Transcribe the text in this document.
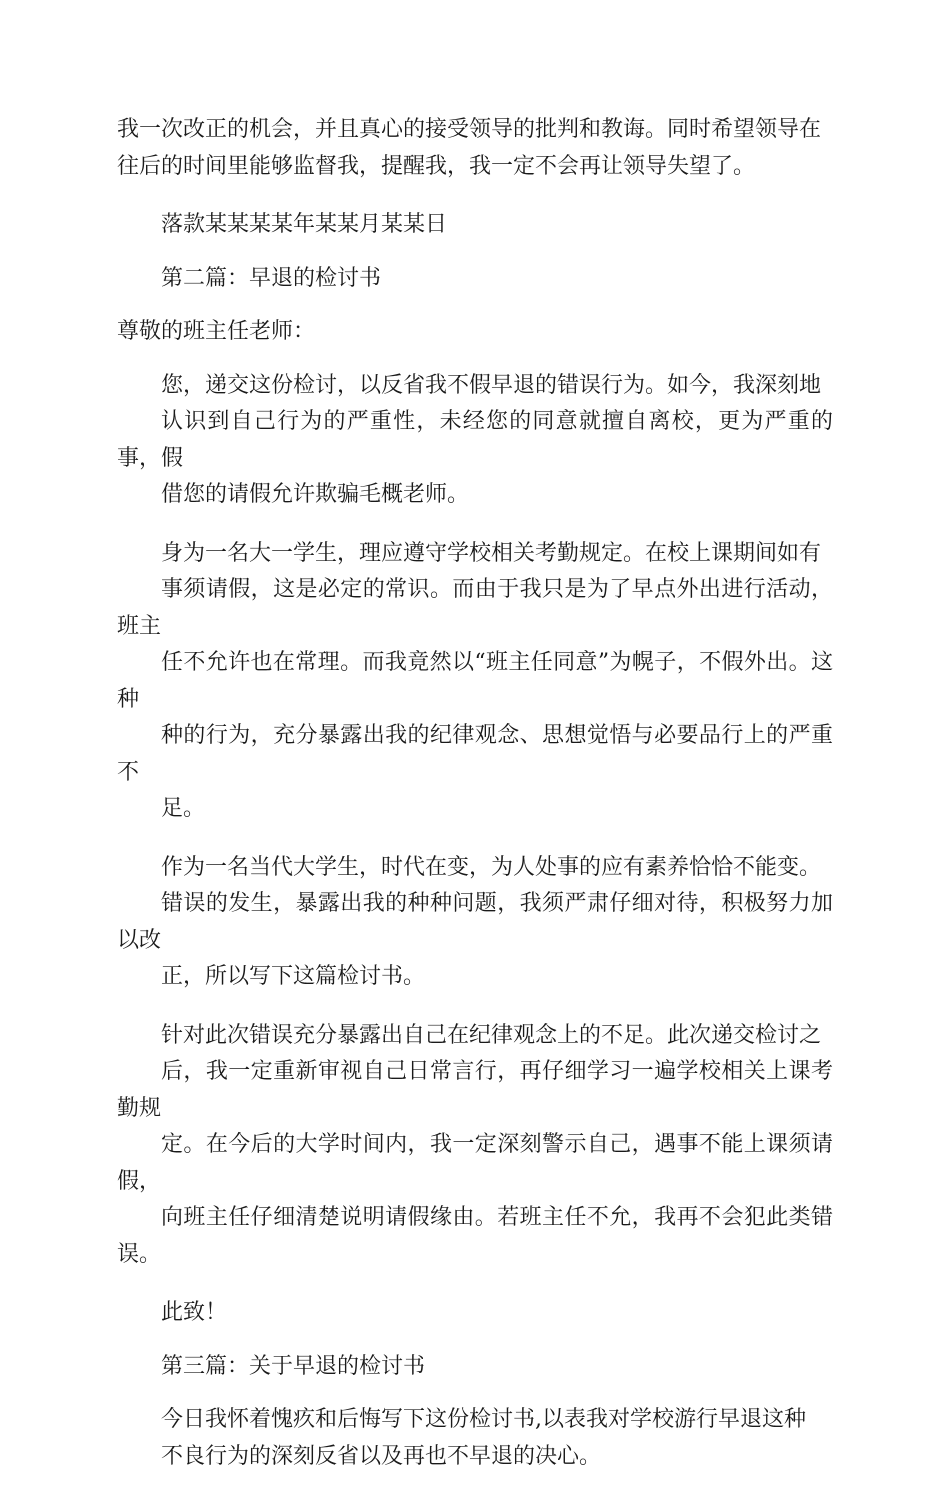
我一次改正的机会，并且真心的接受领导的批判和教诲。同时希望领导在
往后的时间里能够监督我，提醒我，我一定不会再让领导失望了。

落款某某某某年某某月某某日

第二篇：早退的检讨书

尊敬的班主任老师：

您，递交这份检讨，以反省我不假早退的错误行为。如今，我深刻地
认识到自己行为的严重性，未经您的同意就擅自离校，更为严重的事，假
借您的请假允许欺骗毛概老师。

身为一名大一学生，理应遵守学校相关考勤规定。在校上课期间如有
事须请假，这是必定的常识。而由于我只是为了早点外出进行活动，班主
任不允许也在常理。而我竟然以“班主任同意”为幌子，不假外出。这种
种的行为，充分暴露出我的纪律观念、思想觉悟与必要品行上的严重不
足。

作为一名当代大学生，时代在变，为人处事的应有素养恰恰不能变。
错误的发生，暴露出我的种种问题，我须严肃仔细对待，积极努力加以改
正，所以写下这篇检讨书。

针对此次错误充分暴露出自己在纪律观念上的不足。此次递交检讨之
后，我一定重新审视自己日常言行，再仔细学习一遍学校相关上课考勤规
定。在今后的大学时间内，我一定深刻警示自己，遇事不能上课须请假，
向班主任仔细清楚说明请假缘由。若班主任不允，我再不会犯此类错误。

此致！

第三篇：关于早退的检讨书

今日我怀着愧疚和后悔写下这份检讨书,以表我对学校游行早退这种
不良行为的深刻反省以及再也不早退的决心。
